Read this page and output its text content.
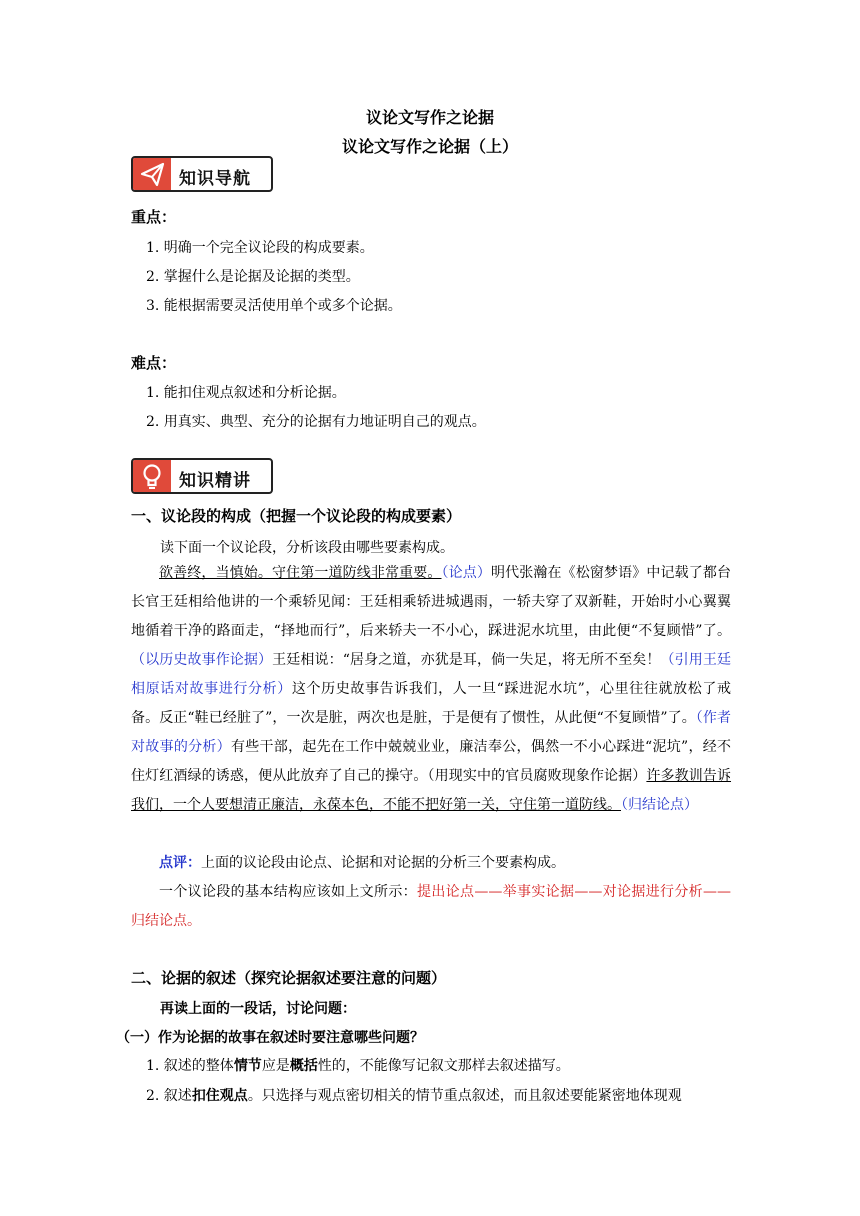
议论文写作之论据
议论文写作之论据（上）
知识导航
重点：
1. 明确一个完全议论段的构成要素。
2. 掌握什么是论据及论据的类型。
3. 能根据需要灵活使用单个或多个论据。
难点：
1. 能扣住观点叙述和分析论据。
2. 用真实、典型、充分的论据有力地证明自己的观点。
知识精讲
一、议论段的构成（把握一个议论段的构成要素）
读下面一个议论段，分析该段由哪些要素构成。
欲善终，当慎始。守住第一道防线非常重要。（论点）明代张瀚在《松窗梦语》中记载了都台长官王廷相给他讲的一个乘轿见闻：王廷相乘轿进城遇雨，一轿夫穿了双新鞋，开始时小心翼翼地循着干净的路面走，“择地而行”，后来轿夫一不小心，踩进泥水坑里，由此便“不复顾惜”了。（以历史故事作论据）王廷相说：“居身之道，亦犹是耳，倘一失足，将无所不至矣！（引用王廷相原话对故事进行分析）这个历史故事告诉我们，人一旦“踩进泥水坑”，心里往往就放松了戒备。反正“鞋已经脏了”，一次是脏，两次也是脏，于是便有了惯性，从此便“不复顾惜”了。（作者对故事的分析）有些干部，起先在工作中兢兢业业，廉洁奉公，偶然一不小心踩进“泥坑”，经不住灯红酒绿的诱惑，便从此放弃了自己的操守。（用现实中的官员腐败现象作论据）许多教训告诉我们，一个人要想清正廉洁，永葆本色，不能不把好第一关，守住第一道防线。（归结论点）
点评：上面的议论段由论点、论据和对论据的分析三个要素构成。
一个议论段的基本结构应该如上文所示：提出论点——举事实论据——对论据进行分析——归结论点。
二、论据的叙述（探究论据叙述要注意的问题）
再读上面的一段话，讨论问题：
（一）作为论据的故事在叙述时要注意哪些问题？
1. 叙述的整体情节应是概括性的，不能像写记叙文那样去叙述描写。
2. 叙述扣住观点。只选择与观点密切相关的情节重点叙述，而且叙述要能紧密地体现观
